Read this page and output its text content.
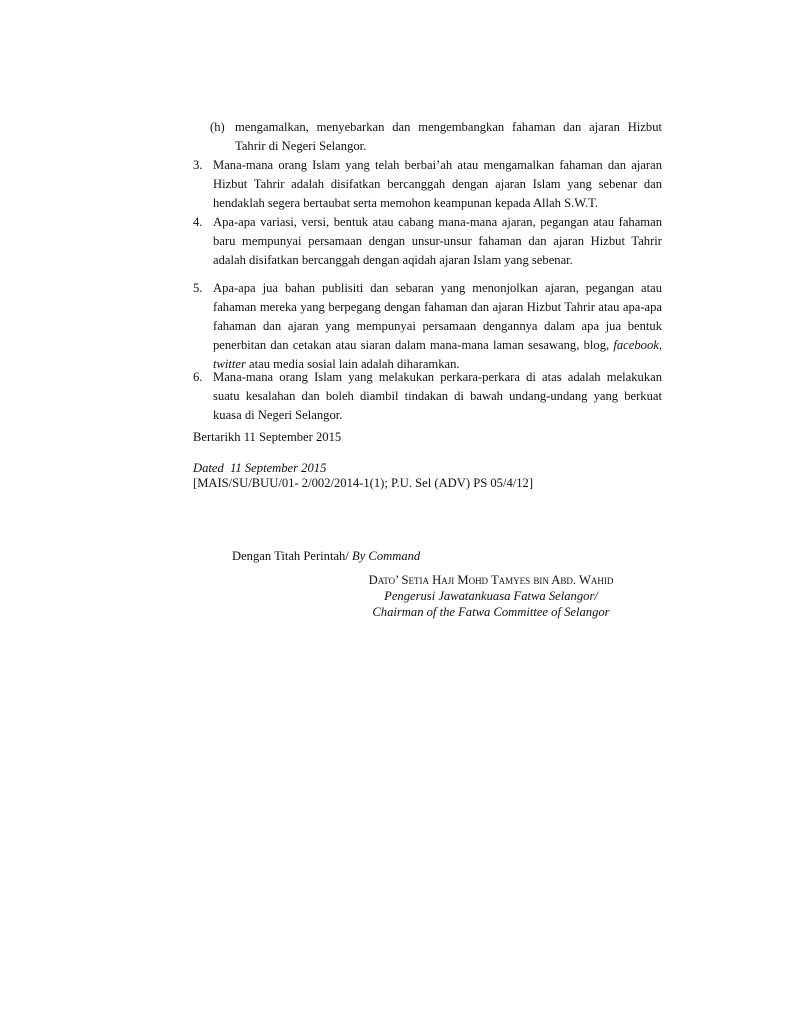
(h) mengamalkan, menyebarkan dan mengembangkan fahaman dan ajaran Hizbut Tahrir di Negeri Selangor.
3. Mana-mana orang Islam yang telah berbai’ah atau mengamalkan fahaman dan ajaran Hizbut Tahrir adalah disifatkan bercanggah dengan ajaran Islam yang sebenar dan hendaklah segera bertaubat serta memohon keampunan kepada Allah S.W.T.
4. Apa-apa variasi, versi, bentuk atau cabang mana-mana ajaran, pegangan atau fahaman baru mempunyai persamaan dengan unsur-unsur fahaman dan ajaran Hizbut Tahrir adalah disifatkan bercanggah dengan aqidah ajaran Islam yang sebenar.
5. Apa-apa jua bahan publisiti dan sebaran yang menonjolkan ajaran, pegangan atau fahaman mereka yang berpegang dengan fahaman dan ajaran Hizbut Tahrir atau apa-apa fahaman dan ajaran yang mempunyai persamaan dengannya dalam apa jua bentuk penerbitan dan cetakan atau siaran dalam mana-mana laman sesawang, blog, facebook, twitter atau media sosial lain adalah diharamkan.
6. Mana-mana orang Islam yang melakukan perkara-perkara di atas adalah melakukan suatu kesalahan dan boleh diambil tindakan di bawah undang-undang yang berkuat kuasa di Negeri Selangor.
Bertarikh 11 September 2015
Dated  11 September 2015
[MAIS/SU/BUU/01- 2/002/2014-1(1); P.U. Sel (ADV) PS 05/4/12]
Dengan Titah Perintah/ By Command
Dato’ Setia Haji Mohd Tamyes bin Abd. Wahid
Pengerusi Jawatankuasa Fatwa Selangor/
Chairman of the Fatwa Committee of Selangor
